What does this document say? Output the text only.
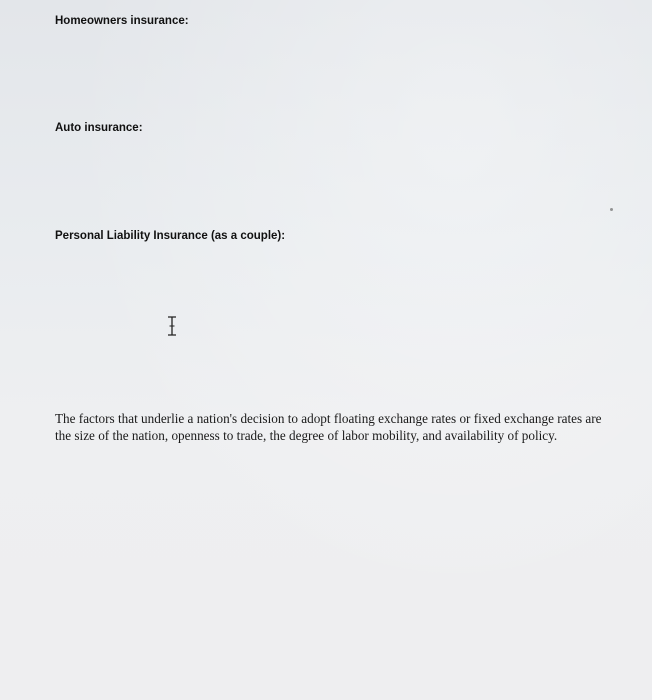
Homeowners insurance:
Auto insurance:
Personal Liability Insurance (as a couple):
The factors that underlie a nation's decision to adopt floating exchange rates or fixed exchange rates are the size of the nation, openness to trade, the degree of labor mobility, and availability of policy.
